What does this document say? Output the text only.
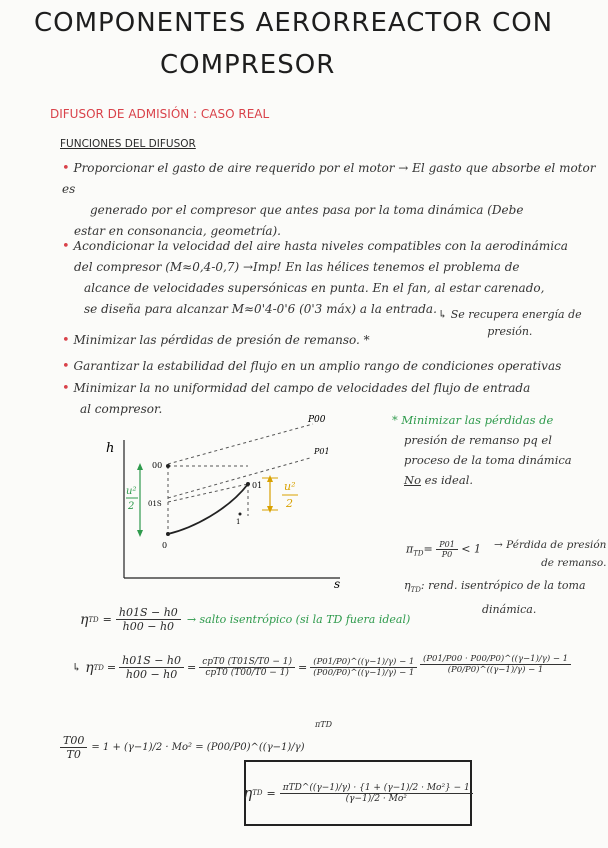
COMPONENTES AERORREACTOR CON
COMPRESOR
DIFUSOR DE ADMISIÓN : CASO REAL
FUNCIONES DEL DIFUSOR
• Proporcionar el gasto de aire requerido por el motor → El gasto que absorbe el motor es
generado por el compresor que antes pasa por la toma dinámica (Debe
estar en consonancia, geometría).
• Acondicionar la velocidad del aire hasta niveles compatibles con la aerodinámica
del compresor (M≈0,4-0,7) →Imp! En las hélices tenemos el problema de
alcance de velocidades supersónicas en punta. En el fan, al estar carenado,
se diseña para alcanzar M≈0'4-0'6 (0'3 máx) a la entrada. ↳ Se recupera energía de
presión.
• Minimizar las pérdidas de presión de remanso. *
• Garantizar la estabilidad del flujo en un amplio rango de condiciones operativas
• Minimizar la no uniformidad del campo de velocidades del flujo de entrada
al compresor.
* Minimizar las pérdidas de
presión de remanso pq el
proceso de la toma dinámica
No es ideal.
h
s
P00
P01
00
01
0
1
01S
u²
2
u²
2
$\pi_{TD}= \frac{P01}{P0} < 1$ → Pérdida de presión
de remanso.
$\eta_{TD}$: rend. isentrópico de la toma
dinámica.
η TD = $\frac{h01S - h0}{h00 - h0}$ → salto isentrópico (si la TD fuera ideal)
↳ η TD = $\frac{h01S - h0}{h00 - h0} = \frac{\text{cpT0 (T01S/T0 − 1)}}{\text{cpT0 (T00/T0 − 1)}} = \frac{(P01/P0)\^{}((\gamma-1)/\gamma) - 1}{(P00/P0)\^{}((\gamma-1)/\gamma) - 1}$
πTD
$\frac{(P01/P00 \cdot P00/P0)\^{}((\gamma-1)/\gamma) - 1}{(P0/P0)\^{}((\gamma-1)/\gamma) - 1}$
$\frac{T00}{T0} = 1 + (\gamma-1)/2 \cdot Mo^2$ = (P00/P0)^((γ−1)/γ)
η TD = $\frac{\text{πTD\textasciicircum{}((γ−1)/γ) · \{1 + (γ−1)/2 · Mo²\} − 1}}{\text{(γ−1)/2 · Mo²}}$
